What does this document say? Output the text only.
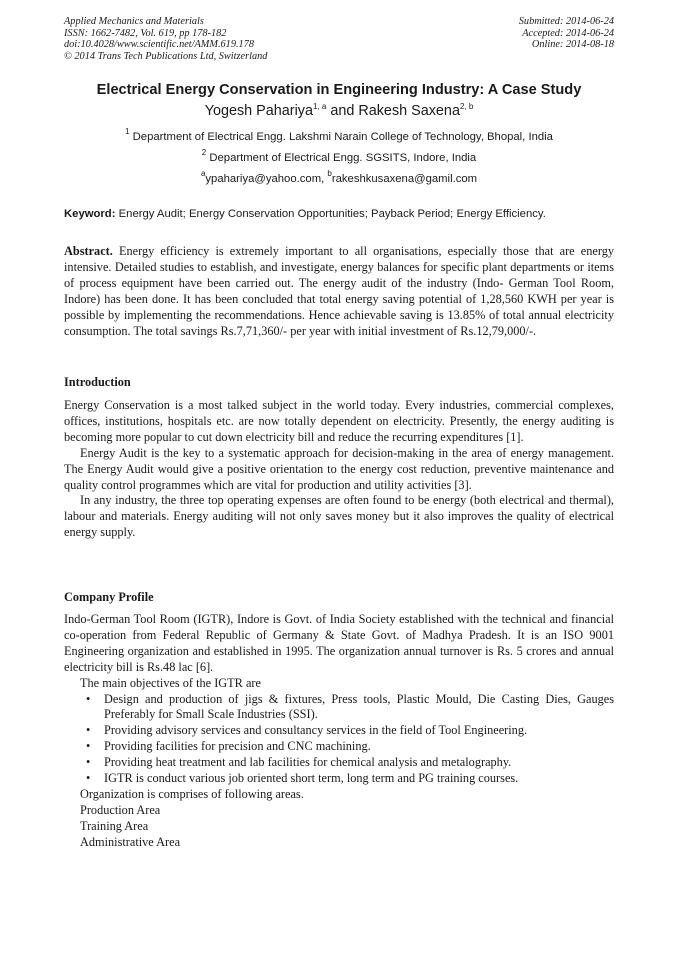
Applied Mechanics and Materials
ISSN: 1662-7482, Vol. 619, pp 178-182
doi:10.4028/www.scientific.net/AMM.619.178
© 2014 Trans Tech Publications Ltd, Switzerland
Submitted: 2014-06-24
Accepted: 2014-06-24
Online: 2014-08-18
Electrical Energy Conservation in Engineering Industry: A Case Study
Yogesh Pahariya$^{1, a}$ and Rakesh Saxena$^{2, b}$
$^1$ Department of Electrical Engg. Lakshmi Narain College of Technology, Bhopal, India
$^2$ Department of Electrical Engg. SGSITS, Indore, India
$^a$ypahariya@yahoo.com, $^b$rakeshkusaxena@gamil.com
Keyword: Energy Audit; Energy Conservation Opportunities; Payback Period; Energy Efficiency.
Abstract. Energy efficiency is extremely important to all organisations, especially those that are energy intensive. Detailed studies to establish, and investigate, energy balances for specific plant departments or items of process equipment have been carried out. The energy audit of the industry (Indo- German Tool Room, Indore) has been done. It has been concluded that total energy saving potential of 1,28,560 KWH per year is possible by implementing the recommendations. Hence achievable saving is 13.85% of total annual electricity consumption. The total savings Rs.7,71,360/- per year with initial investment of Rs.12,79,000/-.
Introduction

Energy Conservation is a most talked subject in the world today. Every industries, commercial complexes, offices, institutions, hospitals etc. are now totally dependent on electricity. Presently, the energy auditing is becoming more popular to cut down electricity bill and reduce the recurring expenditures [1].

Energy Audit is the key to a systematic approach for decision-making in the area of energy management. The Energy Audit would give a positive orientation to the energy cost reduction, preventive maintenance and quality control programmes which are vital for production and utility activities [3].

In any industry, the three top operating expenses are often found to be energy (both electrical and thermal), labour and materials. Energy auditing will not only saves money but it also improves the quality of electrical energy supply.

Company Profile

Indo-German Tool Room (IGTR), Indore is Govt. of India Society established with the technical and financial co-operation from Federal Republic of Germany & State Govt. of Madhya Pradesh. It is an ISO 9001 Engineering organization and established in 1995. The organization annual turnover is Rs. 5 crores and annual electricity bill is Rs.48 lac [6].

The main objectives of the IGTR are
• Design and production of jigs & fixtures, Press tools, Plastic Mould, Die Casting Dies, Gauges Preferably for Small Scale Industries (SSI).
• Providing advisory services and consultancy services in the field of Tool Engineering.
• Providing facilities for precision and CNC machining.
• Providing heat treatment and lab facilities for chemical analysis and metalography.
• IGTR is conduct various job oriented short term, long term and PG training courses.
Organization is comprises of following areas.
Production Area
Training Area
Administrative Area
